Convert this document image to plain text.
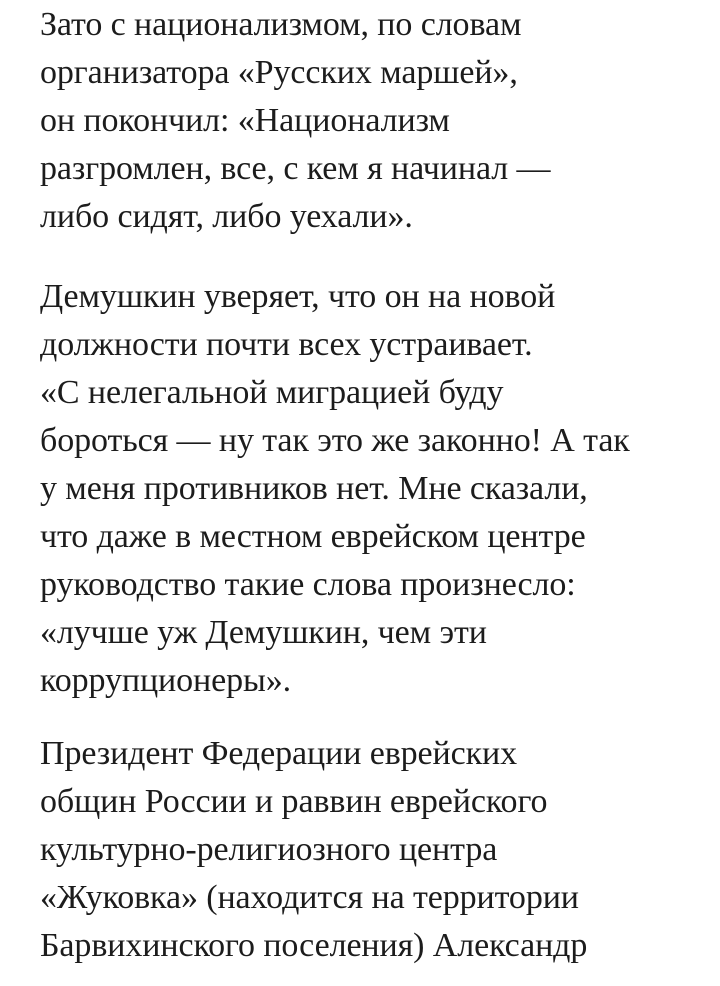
Зато с национализмом, по словам
организатора «Русских маршей»,
он покончил: «Национализм
разгромлен, все, с кем я начинал —
либо сидят, либо уехали».
Демушкин уверяет, что он на новой
должности почти всех устраивает.
«С нелегальной миграцией буду
бороться — ну так это же законно! А так
у меня противников нет. Мне сказали,
что даже в местном еврейском центре
руководство такие слова произнесло:
«лучше уж Демушкин, чем эти
коррупционеры».
Президент Федерации еврейских
общин России и раввин еврейского
культурно-религиозного центра
«Жуковка» (находится на территории
Барвихинского поселения) Александр
